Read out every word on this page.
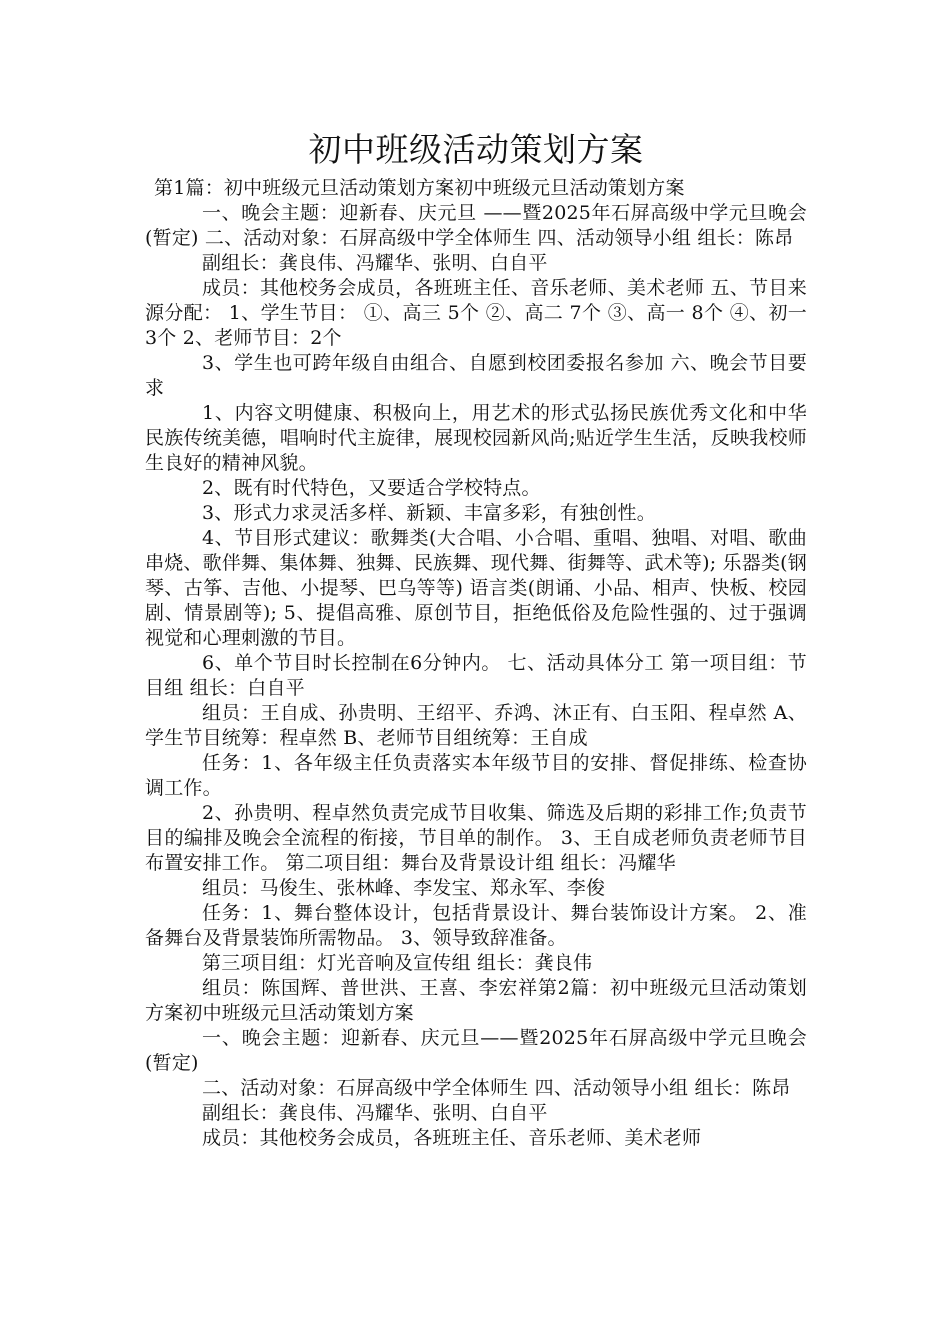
初中班级活动策划方案

第1篇：初中班级元旦活动策划方案初中班级元旦活动策划方案

一、晚会主题：迎新春、庆元旦 ——暨2025年石屏高级中学元旦晚会(暂定) 二、活动对象：石屏高级中学全体师生 四、活动领导小组 组长：陈昂

副组长：龚良伟、冯耀华、张明、白自平

成员：其他校务会成员，各班班主任、音乐老师、美术老师 五、节目来源分配： 1、学生节目： ①、高三 5个 ②、高二 7个 ③、高一 8个 ④、初一 3个 2、老师节目：2个

3、学生也可跨年级自由组合、自愿到校团委报名参加 六、晚会节目要求

1、内容文明健康、积极向上，用艺术的形式弘扬民族优秀文化和中华民族传统美德，唱响时代主旋律，展现校园新风尚;贴近学生生活，反映我校师生良好的精神风貌。

2、既有时代特色，又要适合学校特点。

3、形式力求灵活多样、新颖、丰富多彩，有独创性。

4、节目形式建议：歌舞类(大合唱、小合唱、重唱、独唱、对唱、歌曲串烧、歌伴舞、集体舞、独舞、民族舞、现代舞、街舞等、武术等); 乐器类(钢琴、古筝、吉他、小提琴、巴乌等等) 语言类(朗诵、小品、相声、快板、校园剧、情景剧等); 5、提倡高雅、原创节目，拒绝低俗及危险性强的、过于强调视觉和心理刺激的节目。

6、单个节目时长控制在6分钟内。 七、活动具体分工 第一项目组：节目组 组长：白自平

组员：王自成、孙贵明、王绍平、乔鸿、沐正有、白玉阳、程卓然 A、学生节目统筹：程卓然 B、老师节目组统筹：王自成

任务：1、各年级主任负责落实本年级节目的安排、督促排练、检查协调工作。

2、孙贵明、程卓然负责完成节目收集、筛选及后期的彩排工作;负责节目的编排及晚会全流程的衔接，节目单的制作。 3、王自成老师负责老师节目布置安排工作。 第二项目组：舞台及背景设计组 组长：冯耀华

组员：马俊生、张林峰、李发宝、郑永军、李俊

任务：1、舞台整体设计，包括背景设计、舞台装饰设计方案。 2、准备舞台及背景装饰所需物品。 3、领导致辞准备。

第三项目组：灯光音响及宣传组 组长：龚良伟

组员：陈国辉、普世洪、王喜、李宏祥第2篇：初中班级元旦活动策划方案初中班级元旦活动策划方案

一、晚会主题：迎新春、庆元旦——暨2025年石屏高级中学元旦晚会(暂定)

二、活动对象：石屏高级中学全体师生 四、活动领导小组 组长：陈昂

副组长：龚良伟、冯耀华、张明、白自平

成员：其他校务会成员，各班班主任、音乐老师、美术老师
